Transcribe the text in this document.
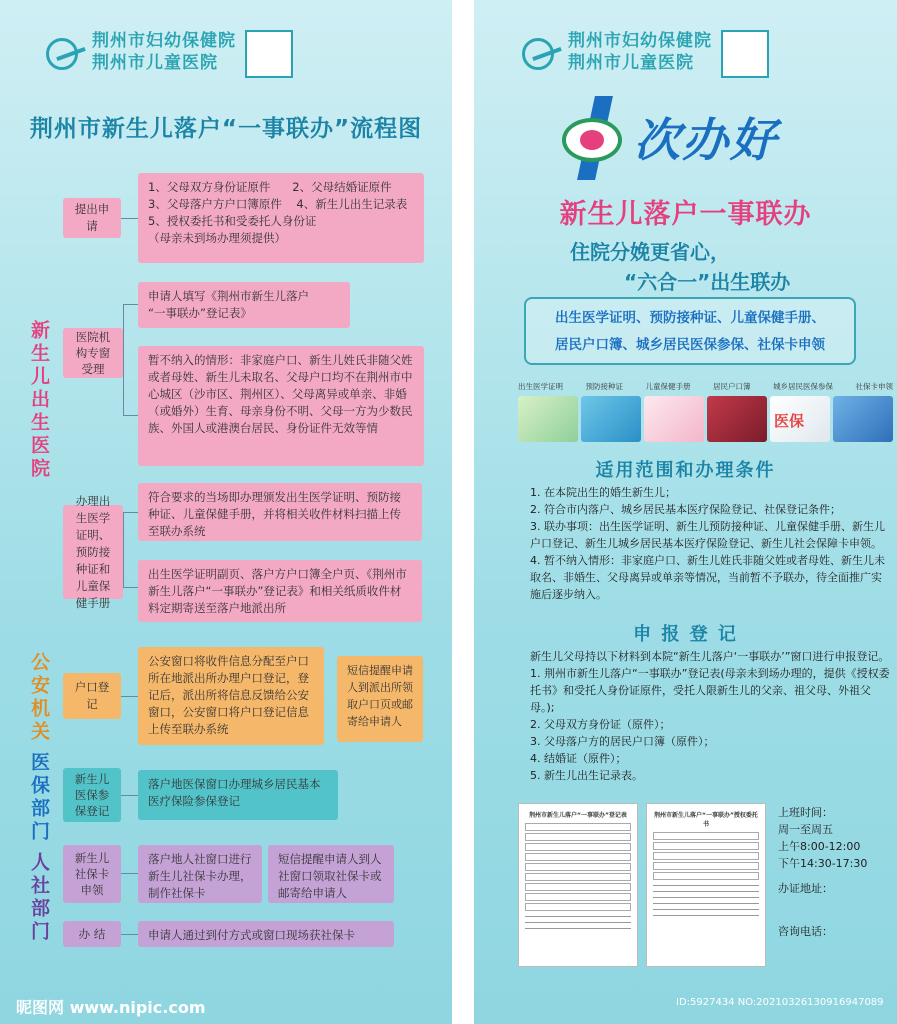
荆州市妇幼保健院
荆州市儿童医院
荆州市新生儿落户“一事联办”流程图
新生儿出生医院
公安机关
医保部门
人社部门
提出申请
1、父母双方身份证原件      2、父母结婚证原件
3、父母落户方户口簿原件    4、新生儿出生记录表
5、授权委托书和受委托人身份证
（母亲未到场办理须提供）
医院机构专窗受理
申请人填写《荆州市新生儿落户
“一事联办”登记表》
暂不纳入的情形：非家庭户口、新生儿姓氏非随父姓或者母姓、新生儿未取名、父母户口均不在荆州市中心城区（沙市区、荆州区）、父母离异或单亲、非婚（或婚外）生育、母亲身份不明、父母一方为少数民族、外国人或港澳台居民、身份证件无效等情
办理出生医学证明、预防接种证和儿童保健手册
符合要求的当场即办理颁发出生医学证明、预防接种证、儿童保健手册，并将相关收件材料扫描上传至联办系统
出生医学证明副页、落户方户口簿全户页、《荆州市新生儿落户“一事联办”登记表》和相关纸质收件材料定期寄送至落户地派出所
户口登记
公安窗口将收件信息分配至户口所在地派出所办理户口登记，登记后，派出所将信息反馈给公安窗口，公安窗口将户口登记信息上传至联办系统
短信提醒申请人到派出所领取户口页或邮寄给申请人
新生儿医保参保登记
落户地医保窗口办理城乡居民基本医疗保险参保登记
新生儿社保卡申领
落户地人社窗口进行新生儿社保卡办理，制作社保卡
短信提醒申请人到人社窗口领取社保卡或邮寄给申请人
办 结	申请人通过到付方式或窗口现场获社保卡
昵图网 www.nipic.com
荆州市妇幼保健院
荆州市儿童医院
次办好
新生儿落户一事联办
住院分娩更省心，
“六合一”出生联办
出生医学证明、预防接种证、儿童保健手册、
居民户口簿、城乡居民医保参保、社保卡申领
出生医学证明	预防接种证	儿童保健手册	居民户口簿	城乡居民医保参保	社保卡申领
医保
适用范围和办理条件

1. 在本院出生的婚生新生儿；

2. 符合市内落户、城乡居民基本医疗保险登记、社保登记条件；

3. 联办事项：出生医学证明、新生儿预防接种证、儿童保健手册、新生儿户口登记、新生儿城乡居民基本医疗保险登记、新生儿社会保障卡申领。

4. 暂不纳入情形：非家庭户口、新生儿姓氏非随父姓或者母姓、新生儿未取名、非婚生、父母离异或单亲等情况，当前暂不予联办，待全面推广实施后逐步纳入。

申 报 登 记

新生儿父母持以下材料到本院“新生儿落户‘一事联办’”窗口进行申报登记。

1. 荆州市新生儿落户“一事联办”登记表(母亲未到场办理的，提供《授权委托书》和受托人身份证原件，受托人限新生儿的父亲、祖父母、外祖父母。);

2. 父母双方身份证（原件）；

3. 父母落户方的居民户口簿（原件）；

4. 结婚证（原件）；

5. 新生儿出生记录表。

荆州市新生儿落户“一事联办”登记表	荆州市新生儿落户“一事联办”授权委托书
上班时间：
周一至周五
上午8:00-12:00
下午14:30-17:30
办证地址：
咨询电话：
ID:5927434 NO:20210326130916947089
